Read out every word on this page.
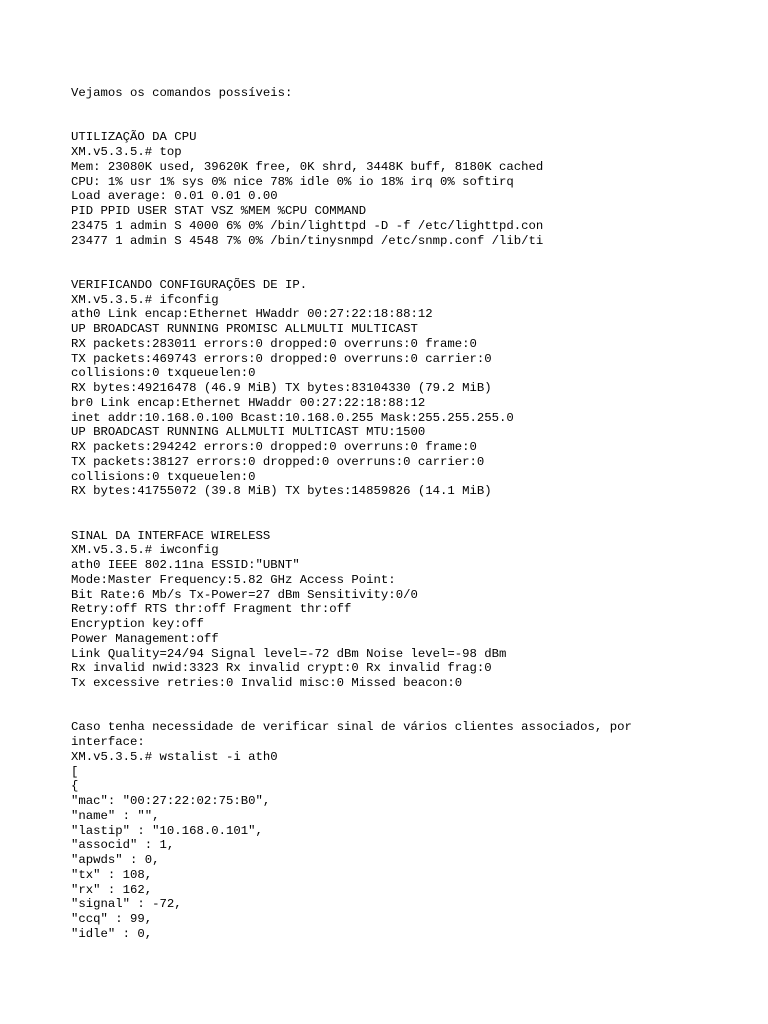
Vejamos os comandos possíveis:
UTILIZAÇÃO DA CPU
XM.v5.3.5.# top
Mem: 23080K used, 39620K free, 0K shrd, 3448K buff, 8180K cached
CPU: 1% usr 1% sys 0% nice 78% idle 0% io 18% irq 0% softirq
Load average: 0.01 0.01 0.00
PID PPID USER STAT VSZ %MEM %CPU COMMAND
23475 1 admin S 4000 6% 0% /bin/lighttpd -D -f /etc/lighttpd.con
23477 1 admin S 4548 7% 0% /bin/tinysnmpd /etc/snmp.conf /lib/ti
VERIFICANDO CONFIGURAÇÕES DE IP.
XM.v5.3.5.# ifconfig
ath0 Link encap:Ethernet HWaddr 00:27:22:18:88:12
UP BROADCAST RUNNING PROMISC ALLMULTI MULTICAST
RX packets:283011 errors:0 dropped:0 overruns:0 frame:0
TX packets:469743 errors:0 dropped:0 overruns:0 carrier:0
collisions:0 txqueuelen:0
RX bytes:49216478 (46.9 MiB) TX bytes:83104330 (79.2 MiB)
br0 Link encap:Ethernet HWaddr 00:27:22:18:88:12
inet addr:10.168.0.100 Bcast:10.168.0.255 Mask:255.255.255.0
UP BROADCAST RUNNING ALLMULTI MULTICAST MTU:1500
RX packets:294242 errors:0 dropped:0 overruns:0 frame:0
TX packets:38127 errors:0 dropped:0 overruns:0 carrier:0
collisions:0 txqueuelen:0
RX bytes:41755072 (39.8 MiB) TX bytes:14859826 (14.1 MiB)
SINAL DA INTERFACE WIRELESS
XM.v5.3.5.# iwconfig
ath0 IEEE 802.11na ESSID:"UBNT"
Mode:Master Frequency:5.82 GHz Access Point:
Bit Rate:6 Mb/s Tx-Power=27 dBm Sensitivity:0/0
Retry:off RTS thr:off Fragment thr:off
Encryption key:off
Power Management:off
Link Quality=24/94 Signal level=-72 dBm Noise level=-98 dBm
Rx invalid nwid:3323 Rx invalid crypt:0 Rx invalid frag:0
Tx excessive retries:0 Invalid misc:0 Missed beacon:0
Caso tenha necessidade de verificar sinal de vários clientes associados, por interface:
XM.v5.3.5.# wstalist -i ath0
[
{
"mac": "00:27:22:02:75:B0",
"name" : "",
"lastip" : "10.168.0.101",
"associd" : 1,
"apwds" : 0,
"tx" : 108,
"rx" : 162,
"signal" : -72,
"ccq" : 99,
"idle" : 0,
